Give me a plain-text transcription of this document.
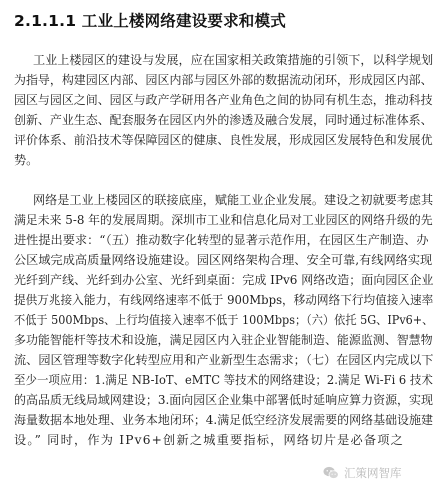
2.1.1.1 工业上楼网络建设要求和模式
工业上楼园区的建设与发展，应在国家相关政策措施的引领下，以科学规划
为指导，构建园区内部、园区内部与园区外部的数据流动闭环，形成园区内部、
园区与园区之间、园区与政产学研用各产业角色之间的协同有机生态，推动科技
创新、产业生态、配套服务在园区内外的渗透及融合发展，同时通过标准体系、
评价体系、前沿技术等保障园区的健康、良性发展，形成园区发展特色和发展优
势。
网络是工业上楼园区的联接底座，赋能工业企业发展。建设之初就要考虑其
满足未来 5-8 年的发展周期。深圳市工业和信息化局对工业园区的网络升级的先
进性提出要求：“（五）推动数字化转型的显著示范作用，在园区生产制造、办
公区域完成高质量网络设施建设。园区网络架构合理、安全可靠,有线网络实现
光纤到产线、光纤到办公室、光纤到桌面：完成 IPv6 网络改造；面向园区企业
提供万兆接入能力，有线网络速率不低于 900Mbps，移动网络下行均值接入速率
不低于 500Mbps、上行均值接入速率不低于 100Mbps；（六）依托 5G、IPv6+、
多功能智能杆等技术和设施，满足园区内入驻企业智能制造、能源监测、智慧物
流、园区管理等数字化转型应用和产业新型生态需求；（七）在园区内完成以下
至少一项应用：1.满足 NB-IoT、eMTC 等技术的网络建设；2.满足 Wi-Fi 6 技术
的高品质无线局域网建设；3.面向园区企业集中部署低时延响应算力资源，实现
海量数据本地处理、业务本地闭环；4.满足低空经济发展需要的网络基础设施建
设。” 同时，作为 IPv6+创新之城重要指标，网络切片是必备项之
汇策网智库
